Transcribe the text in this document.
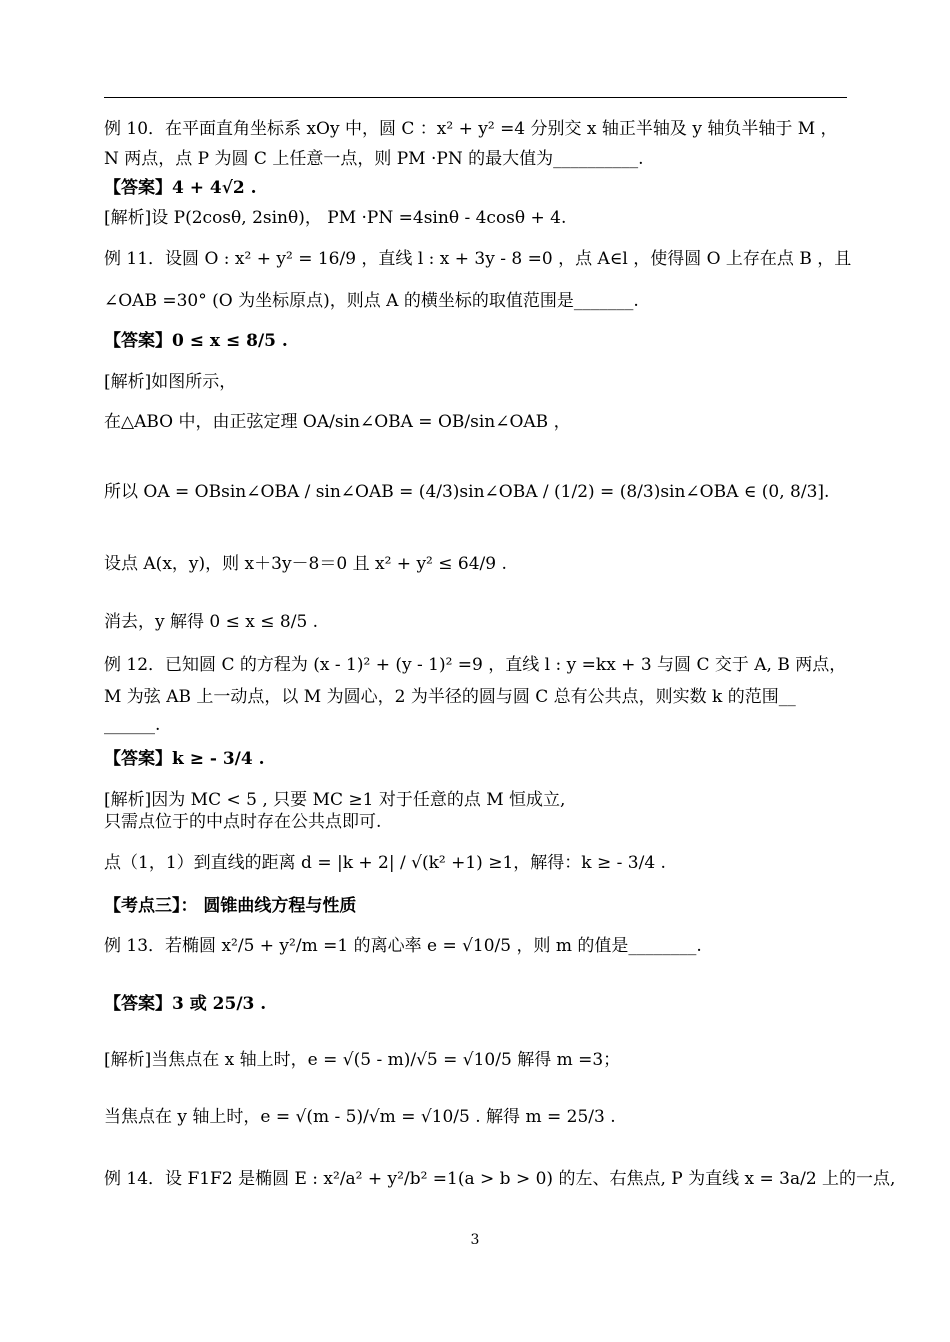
例 10．在平面直角坐标系 xOy 中，圆 C ：x² + y² =4 分别交 x 轴正半轴及 y 轴负半轴于 M ，
N 两点，点 P 为圆 C 上任意一点，则 PM ·PN 的最大值为__________.
【答案】4 + 4√2 .
[解析]设 P(2cosθ, 2sinθ)， PM ·PN =4sinθ - 4cosθ + 4.
例 11．设圆 O : x² + y² = 16/9 ，直线 l : x + 3y - 8 =0 ，点 A∈l ，使得圆 O 上存在点 B ，且
∠OAB =30° (O 为坐标原点)，则点 A 的横坐标的取值范围是_______.
【答案】0 ≤ x ≤ 8/5 .
[解析]如图所示，
在△ABO 中，由正弦定理 OA/sin∠OBA = OB/sin∠OAB ，
所以 OA = OBsin∠OBA / sin∠OAB = (4/3)sin∠OBA / (1/2) = (8/3)sin∠OBA ∈ (0, 8/3].
设点 A(x，y)，则 x＋3y－8＝0 且 x² + y² ≤ 64/9 .
消去，y 解得 0 ≤ x ≤ 8/5 .
例 12．已知圆 C 的方程为 (x - 1)² + (y - 1)² =9 ，直线 l : y =kx + 3 与圆 C 交于 A, B 两点，
M 为弦 AB 上一动点，以 M 为圆心，2 为半径的圆与圆 C 总有公共点，则实数 k 的范围__
______.
【答案】k ≥ - 3/4 .
[解析]因为 MC < 5 , 只要 MC ≥1 对于任意的点 M 恒成立,
只需点位于的中点时存在公共点即可.
点（1，1）到直线的距离 d = |k + 2| / √(k² +1) ≥1，解得：k ≥ - 3/4 .
【考点三】： 圆锥曲线方程与性质
例 13．若椭圆 x²/5 + y²/m =1 的离心率 e = √10/5 ，则 m 的值是________.
【答案】3 或 25/3 .
[解析]当焦点在 x 轴上时，e = √(5 - m)/√5 = √10/5 解得 m =3；
当焦点在 y 轴上时，e = √(m - 5)/√m = √10/5 . 解得 m = 25/3 .
例 14．设 F1F2 是椭圆 E : x²/a² + y²/b² =1(a > b > 0) 的左、右焦点, P 为直线 x = 3a/2 上的一点,
3
